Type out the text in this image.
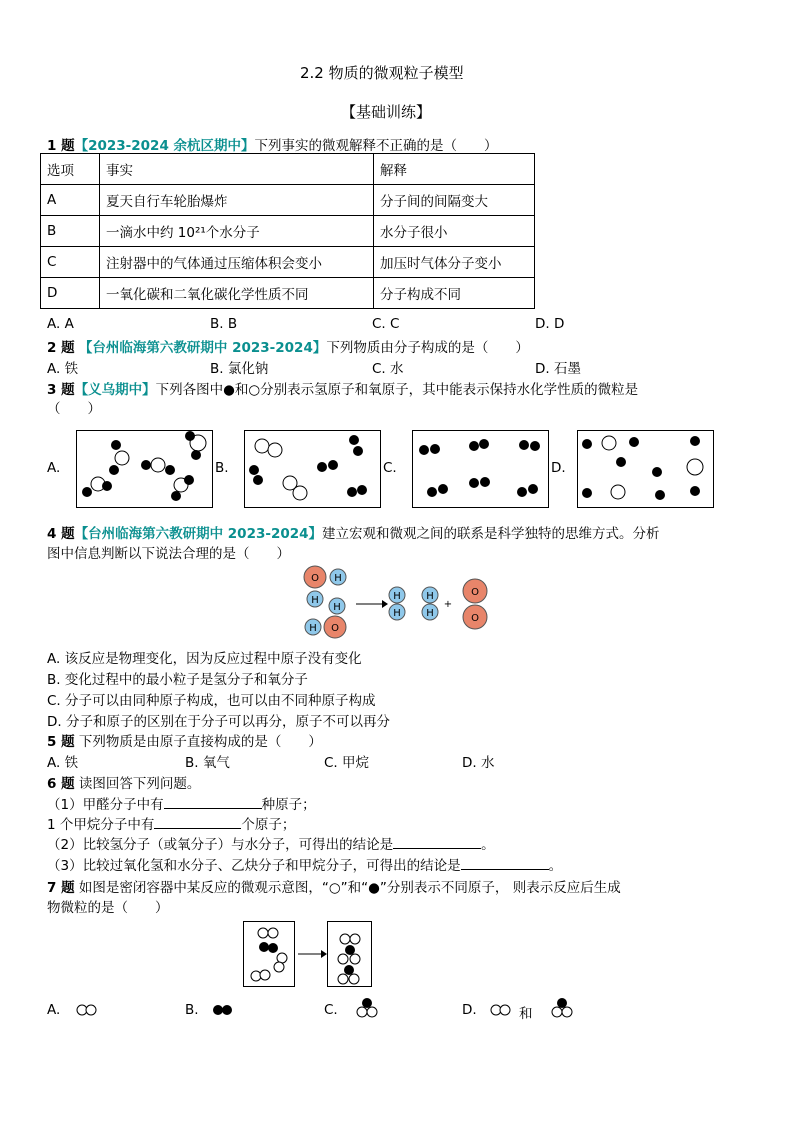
2.2 物质的微观粒子模型
【基础训练】
1 题【2023-2024 余杭区期中】下列事实的微观解释不正确的是（　　）
选项	事实	解释
A	夏天自行车轮胎爆炸	分子间的间隔变大
B	一滴水中约 10²¹个水分子	水分子很小
C	注射器中的气体通过压缩体积会变小	加压时气体分子变小
D	一氧化碳和二氧化碳化学性质不同	分子构成不同
A. A	B. B	C. C	D. D
2 题 【台州临海第六教研期中 2023-2024】下列物质由分子构成的是（　　）
A. 铁	B. 氯化钠	C. 水	D. 石墨
3 题【义乌期中】下列各图中●和○分别表示氢原子和氧原子，其中能表示保持水化学性质的微粒是
（　　）
A.	B.	C.	D.
4 题【台州临海第六教研期中 2023-2024】建立宏观和微观之间的联系是科学独特的思维方式。分析
图中信息判断以下说法合理的是（　　）
O H
H
H
H O
H
H
H
H
+
O
O
A. 该反应是物理变化，因为反应过程中原子没有变化
B. 变化过程中的最小粒子是氢分子和氧分子
C. 分子可以由同种原子构成，也可以由不同种原子构成
D. 分子和原子的区别在于分子可以再分，原子不可以再分
5 题 下列物质是由原子直接构成的是（　　）
A. 铁	B. 氧气	C. 甲烷	D. 水
6 题 读图回答下列问题。
（1）甲醛分子中有	种原子；
1 个甲烷分子中有	个原子；
（2）比较氢分子（或氧分子）与水分子，可得出的结论是	。
（3）比较过氧化氢和水分子、乙炔分子和甲烷分子，可得出的结论是	。
7 题 如图是密闭容器中某反应的微观示意图，“○”和“●”分别表示不同原子， 则表示反应后生成
物微粒的是（　　）
A.	B.	C.	D.	和
